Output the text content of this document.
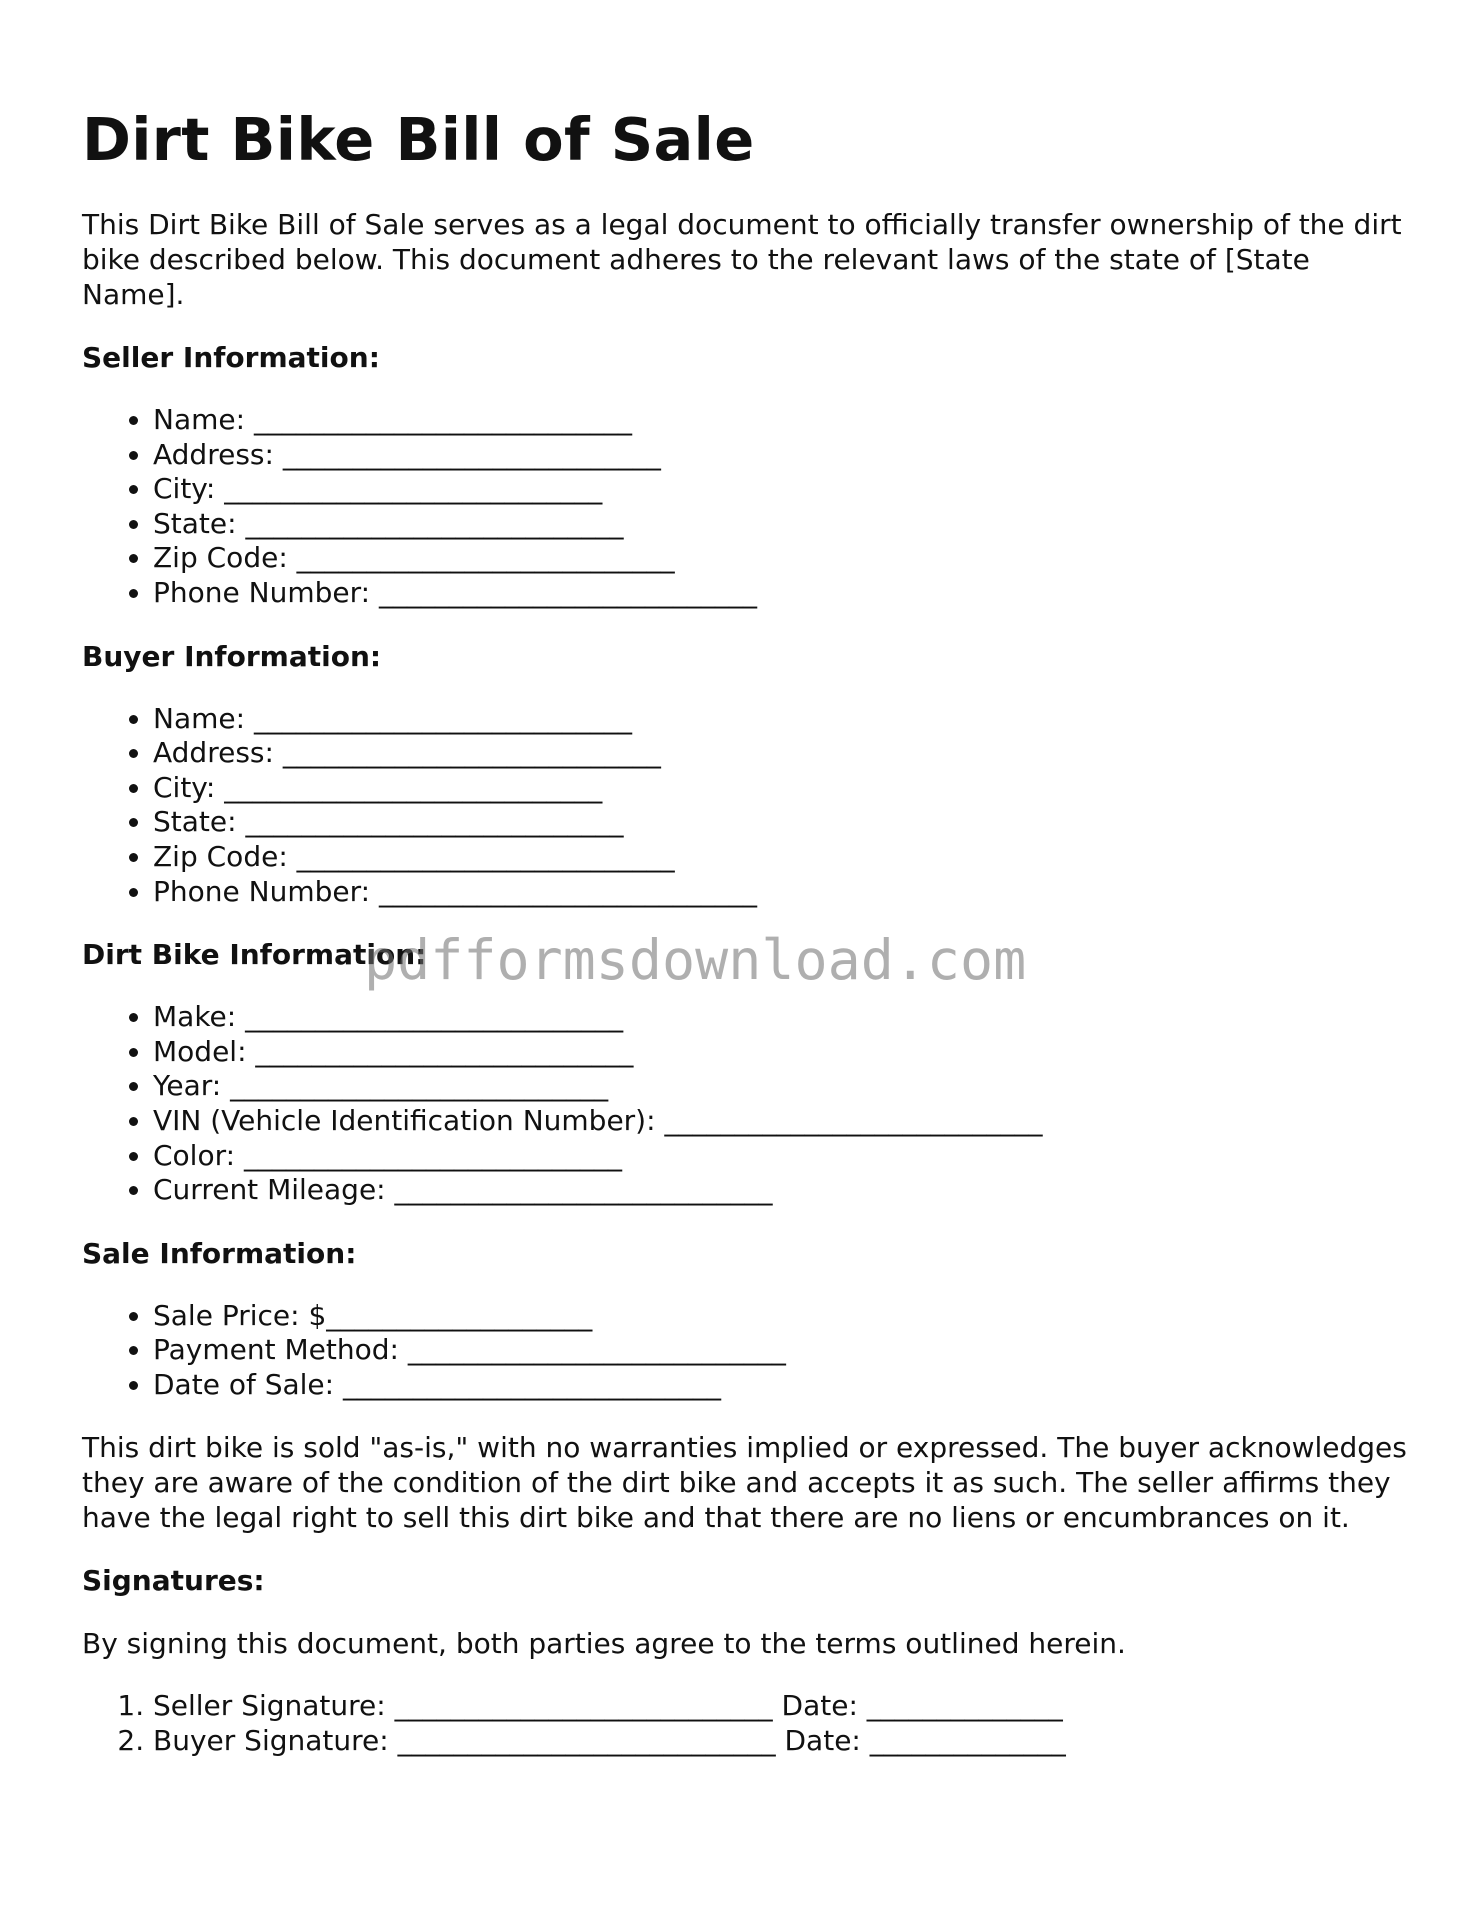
Dirt Bike Bill of Sale

This Dirt Bike Bill of Sale serves as a legal document to officially transfer ownership of the dirt bike described below. This document adheres to the relevant laws of the state of [State Name].

Seller Information:
• Name: ___________________________
• Address: ___________________________
• City: ___________________________
• State: ___________________________
• Zip Code: ___________________________
• Phone Number: ___________________________
Buyer Information:
• Name: ___________________________
• Address: ___________________________
• City: ___________________________
• State: ___________________________
• Zip Code: ___________________________
• Phone Number: ___________________________
Dirt Bike Information:
• Make: ___________________________
• Model: ___________________________
• Year: ___________________________
• VIN (Vehicle Identification Number): ___________________________
• Color: ___________________________
• Current Mileage: ___________________________
Sale Information:
• Sale Price: $___________________
• Payment Method: ___________________________
• Date of Sale: ___________________________

This dirt bike is sold "as-is," with no warranties implied or expressed. The buyer acknowledges they are aware of the condition of the dirt bike and accepts it as such. The seller affirms they have the legal right to sell this dirt bike and that there are no liens or encumbrances on it.

Signatures:

By signing this document, both parties agree to the terms outlined herein.

1. Seller Signature: ___________________________ Date: ______________
2. Buyer Signature: ___________________________ Date: ______________
pdfformsdownload.com
